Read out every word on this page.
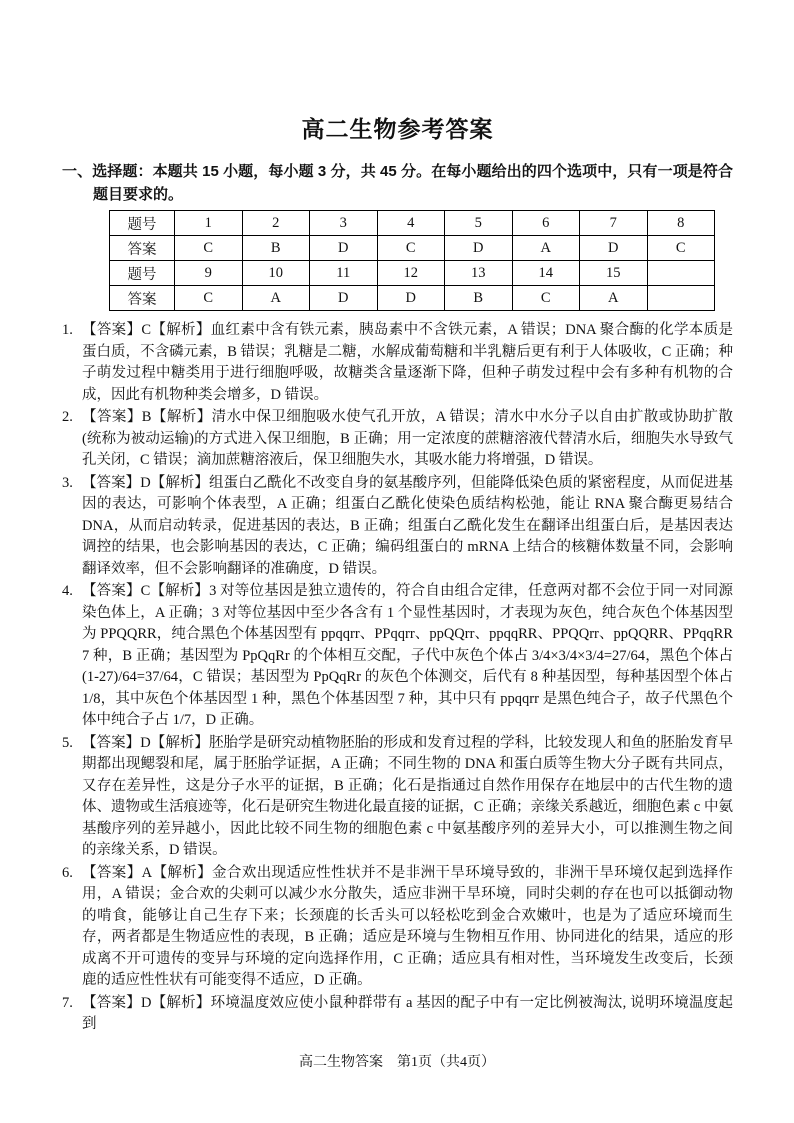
高二生物参考答案

一、选择题：本题共 15 小题，每小题 3 分，共 45 分。在每小题给出的四个选项中，只有一项是符合题目要求的。

题号	1	2	3	4	5	6	7	8
答案	C	B	D	C	D	A	D	C
题号	9	10	11	12	13	14	15	
答案	C	A	D	D	B	C	A	
1. 【答案】C【解析】血红素中含有铁元素，胰岛素中不含铁元素，A 错误；DNA 聚合酶的化学本质是蛋白质，不含磷元素，B 错误；乳糖是二糖，水解成葡萄糖和半乳糖后更有利于人体吸收，C 正确；种子萌发过程中糖类用于进行细胞呼吸，故糖类含量逐渐下降，但种子萌发过程中会有多种有机物的合成，因此有机物种类会增多，D 错误。
2. 【答案】B【解析】清水中保卫细胞吸水使气孔开放，A 错误；清水中水分子以自由扩散或协助扩散(统称为被动运输)的方式进入保卫细胞，B 正确；用一定浓度的蔗糖溶液代替清水后，细胞失水导致气孔关闭，C 错误；滴加蔗糖溶液后，保卫细胞失水，其吸水能力将增强，D 错误。
3. 【答案】D【解析】组蛋白乙酰化不改变自身的氨基酸序列，但能降低染色质的紧密程度，从而促进基因的表达，可影响个体表型，A 正确；组蛋白乙酰化使染色质结构松弛，能让 RNA 聚合酶更易结合 DNA，从而启动转录，促进基因的表达，B 正确；组蛋白乙酰化发生在翻译出组蛋白后，是基因表达调控的结果，也会影响基因的表达，C 正确；编码组蛋白的 mRNA 上结合的核糖体数量不同，会影响翻译效率，但不会影响翻译的准确度，D 错误。
4. 【答案】C【解析】3 对等位基因是独立遗传的，符合自由组合定律，任意两对都不会位于同一对同源染色体上，A 正确；3 对等位基因中至少各含有 1 个显性基因时，才表现为灰色，纯合灰色个体基因型为 PPQQRR，纯合黑色个体基因型有 ppqqrr、PPqqrr、ppQQrr、ppqqRR、PPQQrr、ppQQRR、PPqqRR 7 种，B 正确；基因型为 PpQqRr 的个体相互交配，子代中灰色个体占 3/4×3/4×3/4=27/64，黑色个体占 (1-27)/64=37/64，C 错误；基因型为 PpQqRr 的灰色个体测交，后代有 8 种基因型，每种基因型个体占 1/8，其中灰色个体基因型 1 种，黑色个体基因型 7 种，其中只有 ppqqrr 是黑色纯合子，故子代黑色个体中纯合子占 1/7，D 正确。
5. 【答案】D【解析】胚胎学是研究动植物胚胎的形成和发育过程的学科，比较发现人和鱼的胚胎发育早期都出现鳃裂和尾，属于胚胎学证据，A 正确；不同生物的 DNA 和蛋白质等生物大分子既有共同点，又存在差异性，这是分子水平的证据，B 正确；化石是指通过自然作用保存在地层中的古代生物的遗体、遗物或生活痕迹等，化石是研究生物进化最直接的证据，C 正确；亲缘关系越近，细胞色素 c 中氨基酸序列的差异越小，因此比较不同生物的细胞色素 c 中氨基酸序列的差异大小，可以推测生物之间的亲缘关系，D 错误。
6. 【答案】A【解析】金合欢出现适应性性状并不是非洲干旱环境导致的，非洲干旱环境仅起到选择作用，A 错误；金合欢的尖刺可以减少水分散失，适应非洲干旱环境，同时尖刺的存在也可以抵御动物的啃食，能够让自己生存下来；长颈鹿的长舌头可以轻松吃到金合欢嫩叶，也是为了适应环境而生存，两者都是生物适应性的表现，B 正确；适应是环境与生物相互作用、协同进化的结果，适应的形成离不开可遗传的变异与环境的定向选择作用，C 正确；适应具有相对性，当环境发生改变后，长颈鹿的适应性性状有可能变得不适应，D 正确。
7. 【答案】D【解析】环境温度效应使小鼠种群带有 a 基因的配子中有一定比例被淘汰, 说明环境温度起到
高二生物答案　第1页（共4页）
